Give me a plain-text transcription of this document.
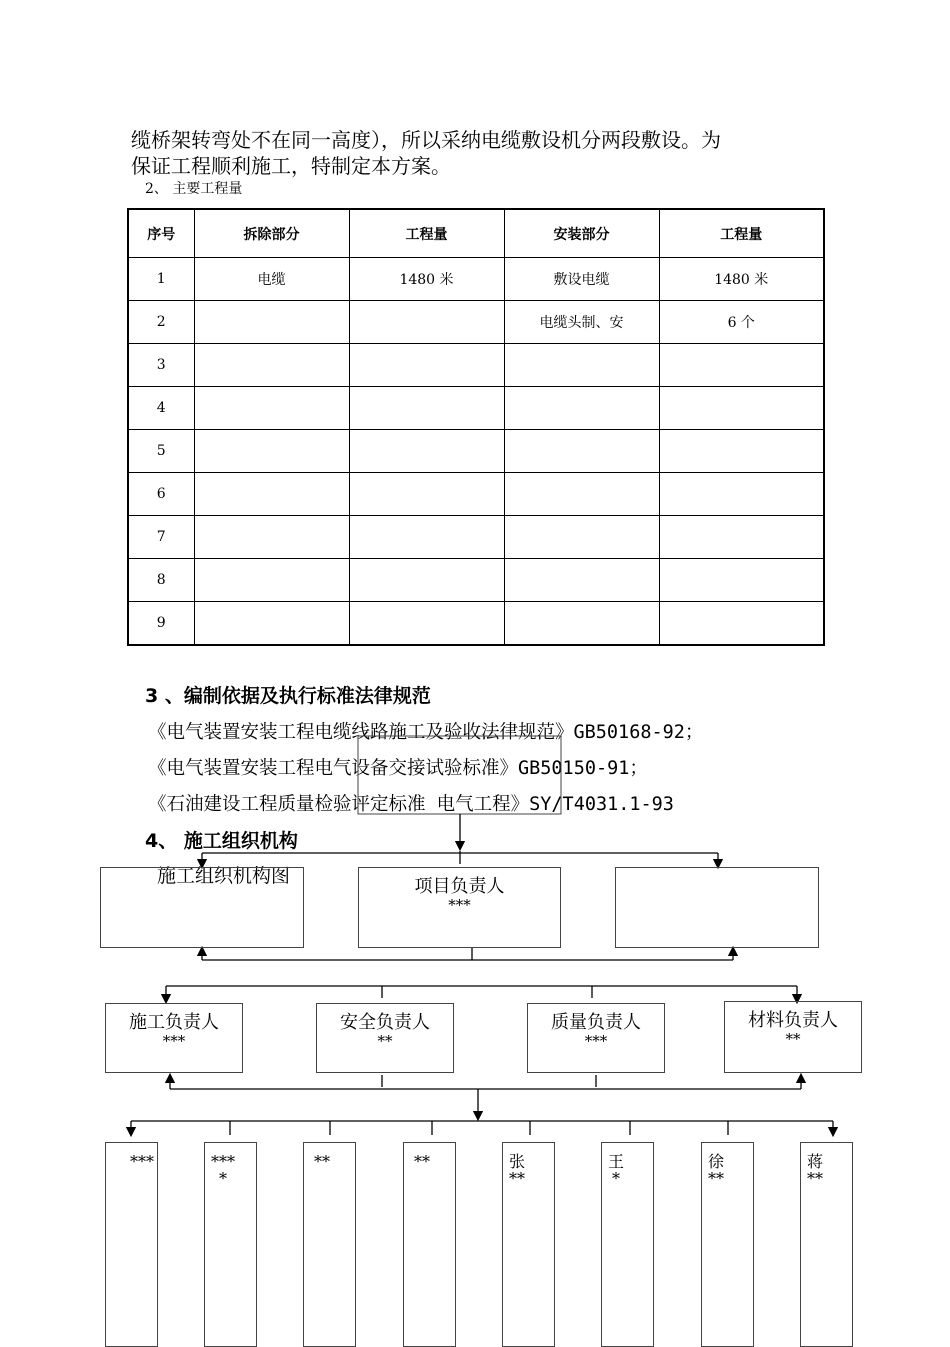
缆桥架转弯处不在同一高度），所以采纳电缆敷设机分两段敷设。为
保证工程顺利施工，特制定本方案。
2、 主要工程量
序号	拆除部分	工程量	安装部分	工程量
1	电缆	1480 米	敷设电缆	1480 米
2			电缆头制、安	6 个
3				
4				
5				
6				
7				
8				
9				
3 、编制依据及执行标准法律规范
《电气装置安装工程电缆线路施工及验收法律规范》GB50168-92；
《电气装置安装工程电气设备交接试验标准》GB50150-91；
《石油建设工程质量检验评定标准 电气工程》SY/T4031.1-93
4、 施工组织机构
施工组织机构图	项目负责人
***
施工负责人
***
安全负责人
**
质量负责人
***
材料负责人
**
***	****
**	**	张**
王*
徐**
蒋**
